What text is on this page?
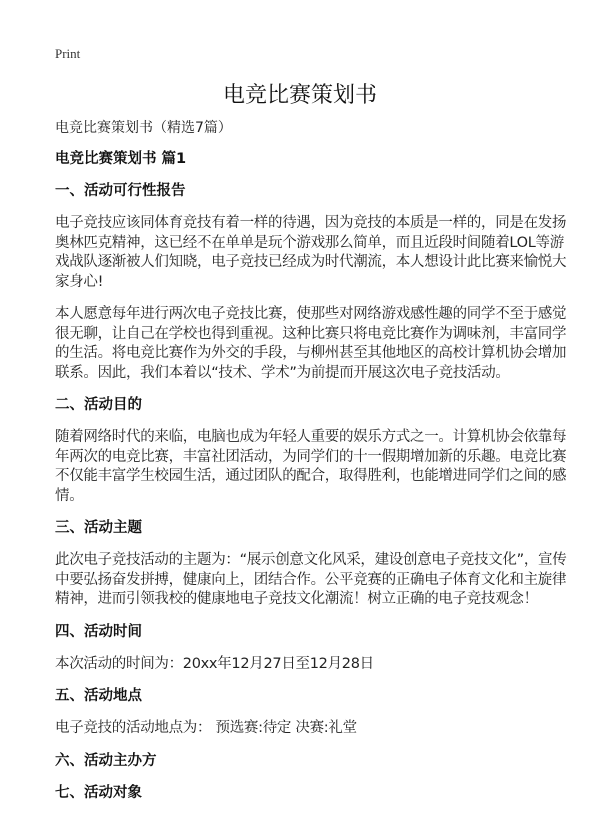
Print
电竞比赛策划书
电竞比赛策划书（精选7篇）
电竞比赛策划书 篇1
一、活动可行性报告
电子竞技应该同体育竞技有着一样的待遇，因为竞技的本质是一样的，同是在发扬
奥林匹克精神，这已经不在单单是玩个游戏那么简单，而且近段时间随着LOL等游
戏战队逐渐被人们知晓，电子竞技已经成为时代潮流，本人想设计此比赛来愉悦大
家身心!
本人愿意每年进行两次电子竞技比赛，使那些对网络游戏感性趣的同学不至于感觉
很无聊，让自己在学校也得到重视。这种比赛只将电竞比赛作为调味剂，丰富同学
的生活。将电竞比赛作为外交的手段，与柳州甚至其他地区的高校计算机协会增加
联系。因此，我们本着以“技术、学术”为前提而开展这次电子竞技活动。
二、活动目的
随着网络时代的来临，电脑也成为年轻人重要的娱乐方式之一。计算机协会依靠每
年两次的电竞比赛，丰富社团活动，为同学们的十一假期增加新的乐趣。电竞比赛
不仅能丰富学生校园生活，通过团队的配合，取得胜利，也能增进同学们之间的感
情。
三、活动主题
此次电子竞技活动的主题为：“展示创意文化风采，建设创意电子竞技文化”，宣传
中要弘扬奋发拼搏，健康向上，团结合作。公平竞赛的正确电子体育文化和主旋律
精神，进而引领我校的健康地电子竞技文化潮流！树立正确的电子竞技观念！
四、活动时间
本次活动的时间为：20xx年12月27日至12月28日
五、活动地点
电子竞技的活动地点为： 预选赛:待定 决赛:礼堂
六、活动主办方
七、活动对象
